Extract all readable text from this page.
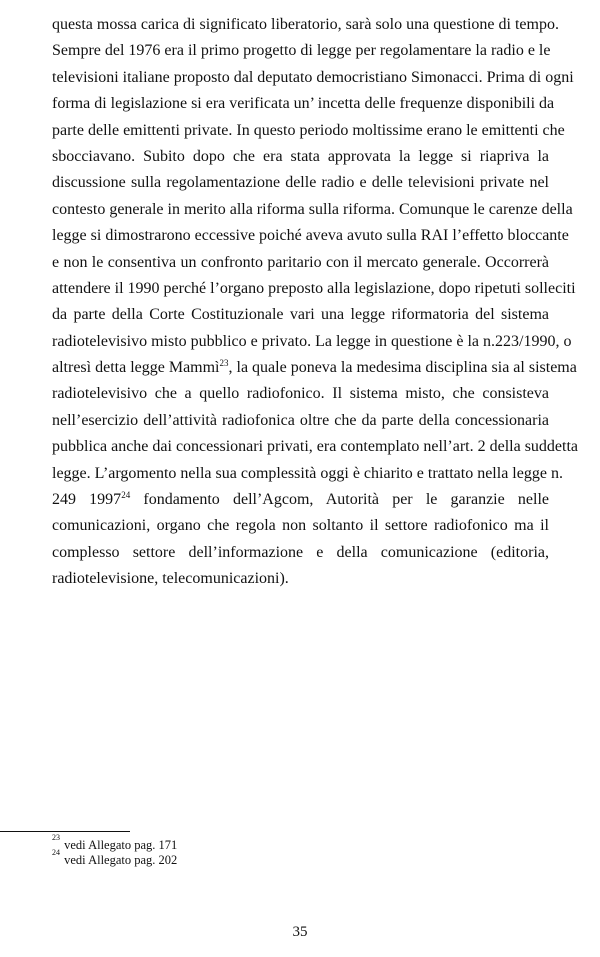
questa mossa carica di significato liberatorio, sarà solo una questione di tempo.
Sempre del 1976 era il primo progetto di legge per regolamentare la radio e le
televisioni italiane proposto dal deputato democristiano Simonacci. Prima di ogni
forma di legislazione si era verificata un’ incetta delle frequenze disponibili da
parte delle emittenti private. In questo periodo moltissime erano le emittenti che
sbocciavano. Subito dopo che era stata approvata la legge si riapriva la
discussione sulla regolamentazione delle radio e delle televisioni private nel
contesto generale in merito alla riforma sulla riforma. Comunque le carenze della
legge si dimostrarono eccessive poiché aveva avuto sulla RAI l’effetto bloccante
e non le consentiva un confronto paritario con il mercato generale. Occorrerà
attendere il 1990 perché l’organo preposto alla legislazione, dopo ripetuti solleciti
da parte della Corte Costituzionale vari una legge riformatoria del sistema
radiotelevisivo misto pubblico e privato. La legge in questione è la n.223/1990, o
altresì detta legge Mammì$^{23}$, la quale poneva la medesima disciplina sia al sistema
radiotelevisivo che a quello radiofonico. Il sistema misto, che consisteva
nell’esercizio dell’attività radiofonica oltre che da parte della concessionaria
pubblica anche dai concessionari privati, era contemplato nell’art. 2 della suddetta
legge. L’argomento nella sua complessità oggi è chiarito e trattato nella legge n.
249 1997$^{24}$ fondamento dell’Agcom, Autorità per le garanzie nelle
comunicazioni, organo che regola non soltanto il settore radiofonico ma il
complesso settore dell’informazione e della comunicazione (editoria,
radiotelevisione, telecomunicazioni).
$^{23}$ vedi Allegato pag. 171
$^{24}$ vedi Allegato pag. 202
35
